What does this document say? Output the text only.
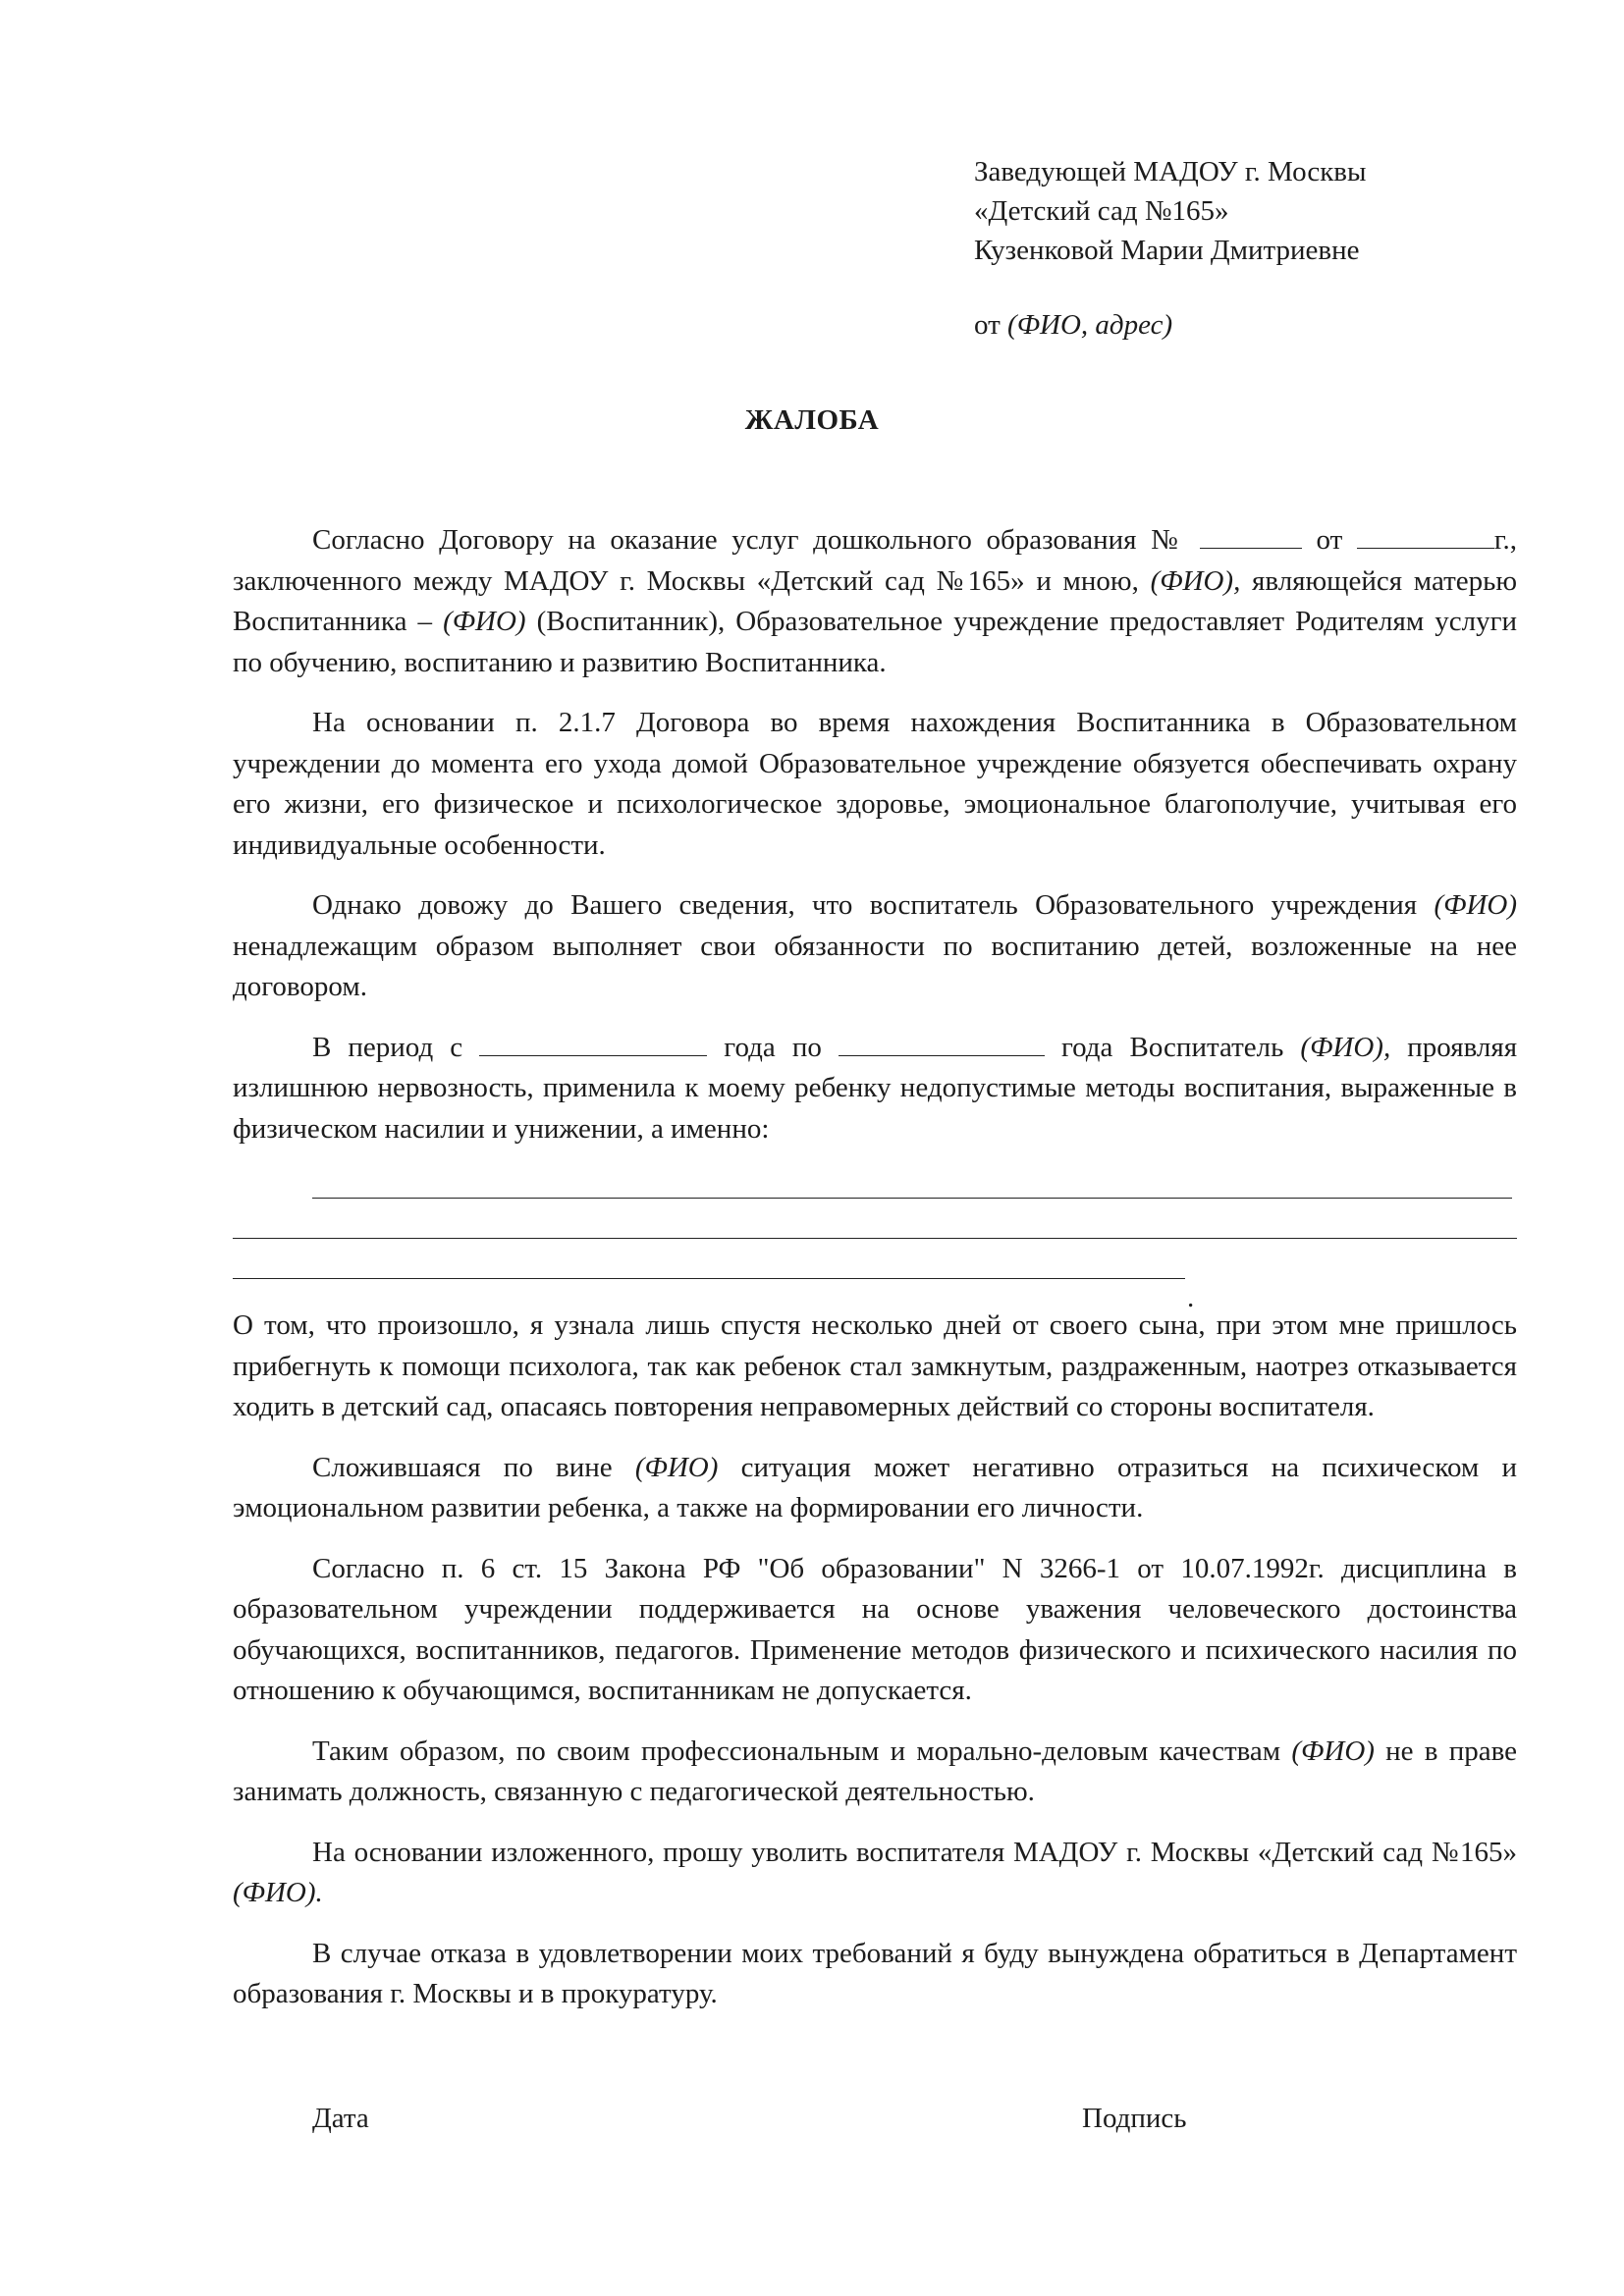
Заведующей МАДОУ г. Москвы
«Детский сад №165»
Кузенковой Марии Дмитриевне
от (ФИО, адрес)
ЖАЛОБА

Согласно Договору на оказание услуг дошкольного образования №	от	г., заключенного между МАДОУ г. Москвы «Детский сад №165» и мною, (ФИО), являющейся матерью Воспитанника – (ФИО) (Воспитанник), Образовательное учреждение предоставляет Родителям услуги по обучению, воспитанию и развитию Воспитанника.

На основании п. 2.1.7 Договора во время нахождения Воспитанника в Образовательном учреждении до момента его ухода домой Образовательное учреждение обязуется обеспечивать охрану его жизни, его физическое и психологическое здоровье, эмоциональное благополучие, учитывая его индивидуальные особенности.

Однако довожу до Вашего сведения, что воспитатель Образовательного учреждения (ФИО) ненадлежащим образом выполняет свои обязанности по воспитанию детей, возложенные на нее договором.

В период с	года по	года Воспитатель (ФИО), проявляя излишнюю нервозность, применила к моему ребенку недопустимые методы воспитания, выраженные в физическом насилии и унижении, а именно:

.

О том, что произошло, я узнала лишь спустя несколько дней от своего сына, при этом мне пришлось прибегнуть к помощи психолога, так как ребенок стал замкнутым, раздраженным, наотрез отказывается ходить в детский сад, опасаясь повторения неправомерных действий со стороны воспитателя.

Сложившаяся по вине (ФИО) ситуация может негативно отразиться на психическом и эмоциональном развитии ребенка, а также на формировании его личности.

Согласно п. 6 ст. 15 Закона РФ "Об образовании" N 3266-1 от 10.07.1992г. дисциплина в образовательном учреждении поддерживается на основе уважения человеческого достоинства обучающихся, воспитанников, педагогов. Применение методов физического и психического насилия по отношению к обучающимся, воспитанникам не допускается.

Таким образом, по своим профессиональным и морально-деловым качествам (ФИО) не в праве занимать должность, связанную с педагогической деятельностью.

На основании изложенного, прошу уволить воспитателя МАДОУ г. Москвы «Детский сад №165» (ФИО).

В случае отказа в удовлетворении моих требований я буду вынуждена обратиться в Департамент образования г. Москвы и в прокуратуру.

Дата	Подпись
